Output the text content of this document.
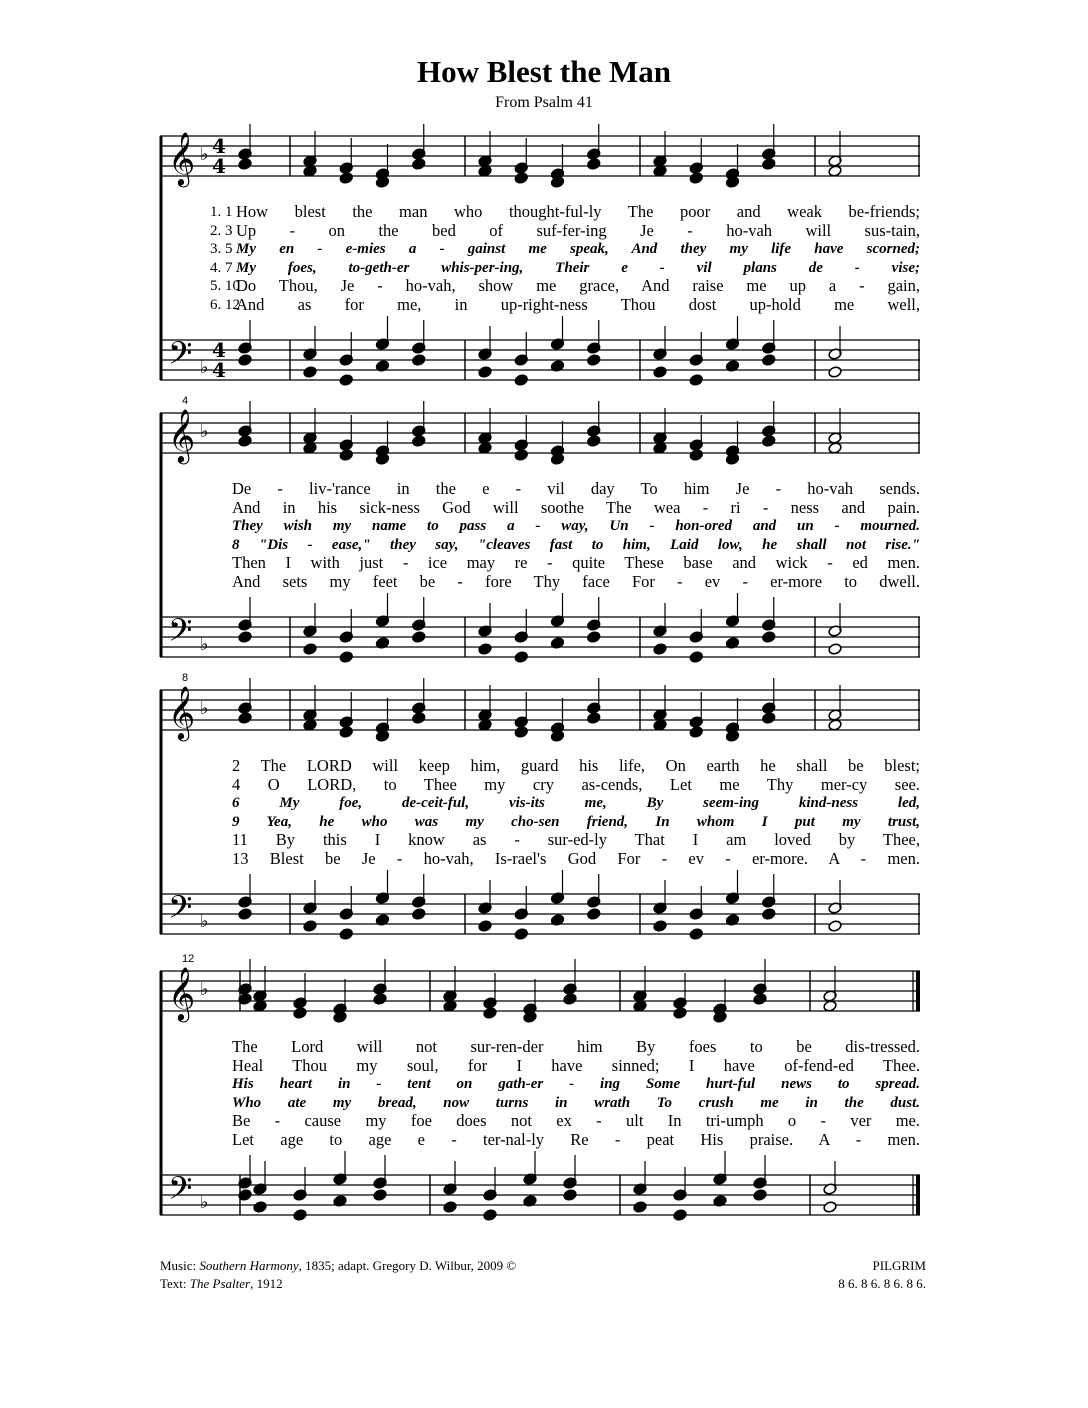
How Blest the Man
From Psalm 41
𝄞
𝄢
♭
♭
4
4
4
4
1. 1 How blest the man who thought-ful-ly The poor and weak be-friends;
2. 3 Up - on the bed of suf-fer-ing Je - ho-vah will sus-tain,
3. 5 My en - e-mies a - gainst me speak, And they my life have scorned;
4. 7 My foes, to-geth-er whis-per-ing, Their e - vil plans de - vise;
5. 10
Do Thou, Je - ho-vah, show me grace, And raise me up a - gain,
6. 12
And as for me, in up-right-ness Thou dost up-hold me well,
𝄞
𝄢
♭
♭
4
De - liv-'rance in the e - vil day To him Je - ho-vah sends.
And in his sick-ness God will soothe The wea - ri - ness and pain.
They wish my name to pass a - way, Un - hon-ored and un - mourned.
8 "Dis - ease," they say, "cleaves fast to him, Laid low, he shall not rise."
Then I with just - ice may re - quite These base and wick - ed men.
And sets my feet be - fore Thy face For - ev - er-more to dwell.
𝄞
𝄢
♭
♭
8
2 The LORD will keep him, guard his life, On earth he shall be blest;
4 O LORD, to Thee my cry as-cends, Let me Thy mer-cy see.
6 My foe, de-ceit-ful, vis-its me, By seem-ing kind-ness led,
9 Yea, he who was my cho-sen friend, In whom I put my trust,
11 By this I know as - sur-ed-ly That I am loved by Thee,
13 Blest be Je - ho-vah, Is-rael's God For - ev - er-more. A - men.
𝄞
𝄢
♭
♭
12
The Lord will not sur-ren-der him By foes to be dis-tressed.
Heal Thou my soul, for I have sinned; I have of-fend-ed Thee.
His heart in - tent on gath-er - ing Some hurt-ful news to spread.
Who ate my bread, now turns in wrath To crush me in the dust.
Be - cause my foe does not ex - ult In tri-umph o - ver me.
Let age to age e - ter-nal-ly Re - peat His praise. A - men.
Music: Southern Harmony, 1835; adapt. Gregory D. Wilbur, 2009 ©
Text: The Psalter, 1912
PILGRIM
8 6. 8 6. 8 6. 8 6.
